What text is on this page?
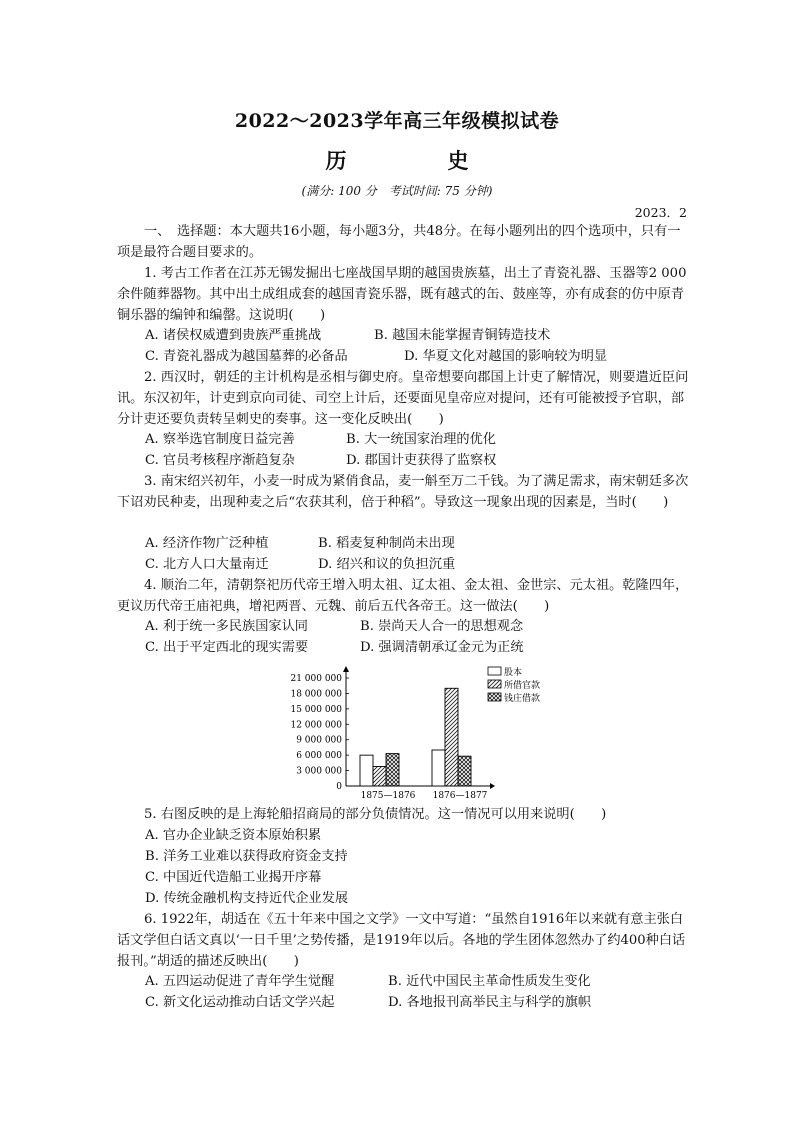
2022～2023学年高三年级模拟试卷
历　史
(满分: 100 分　考试时间: 75 分钟)
2023．2

一、　选择题：本大题共16小题，每小题3分，共48分。在每小题列出的四个选项中，只有一项是最符合题目要求的。

1. 考古工作者在江苏无锡发掘出七座战国早期的越国贵族墓，出土了青瓷礼器、玉器等2 000余件随葬器物。其中出土成组成套的越国青瓷乐器，既有越式的缶、鼓座等，亦有成套的仿中原青铜乐器的编钟和编罄。这说明(　　)

A. 诸侯权威遭到贵族严重挑战	B. 越国未能掌握青铜铸造技术
C. 青瓷礼器成为越国墓葬的必备品	D. 华夏文化对越国的影响较为明显

2. 西汉时，朝廷的主计机构是丞相与御史府。皇帝想要向郡国上计吏了解情况，则要遣近臣问讯。东汉初年，计吏到京向司徒、司空上计后，还要面见皇帝应对提问，还有可能被授予官职，部分计吏还要负责转呈刺史的奏事。这一变化反映出(　　)

A. 察举选官制度日益完善	B. 大一统国家治理的优化
C. 官员考核程序渐趋复杂	D. 郡国计吏获得了监察权

3. 南宋绍兴初年，小麦一时成为紧俏食品，麦一斛至万二千钱。为了满足需求，南宋朝廷多次下诏劝民种麦，出现种麦之后“农获其利，倍于种稻”。导致这一现象出现的因素是，当时(　　)

A. 经济作物广泛种植	B. 稻麦复种制尚未出现
C. 北方人口大量南迁	D. 绍兴和议的负担沉重

4. 顺治二年，清朝祭祀历代帝王增入明太祖、辽太祖、金太祖、金世宗、元太祖。乾隆四年，更议历代帝王庙祀典，增祀两晋、元魏、前后五代各帝王。这一做法(　　)

A. 利于统一多民族国家认同	B. 崇尚天人合一的思想观念
C. 出于平定西北的现实需要	D. 强调清朝承辽金元为正统
21 000 000
18 000 000
15 000 000
12 000 000
9 000 000
6 000 000
3 000 000
0
1875—1876 1876—1877
股本
所借官款
钱庄借款

5. 右图反映的是上海轮船招商局的部分负债情况。这一情况可以用来说明(　　)

A. 官办企业缺乏资本原始积累
B. 洋务工业难以获得政府资金支持
C. 中国近代造船工业揭开序幕
D. 传统金融机构支持近代企业发展

6. 1922年，胡适在《五十年来中国之文学》一文中写道：“虽然自1916年以来就有意主张白话文学但白话文真以‘一日千里’之势传播，是1919年以后。各地的学生团体忽然办了约400种白话报刊。”胡适的描述反映出(　　)

A. 五四运动促进了青年学生觉醒	B. 近代中国民主革命性质发生变化
C. 新文化运动推动白话文学兴起	D. 各地报刊高举民主与科学的旗帜
